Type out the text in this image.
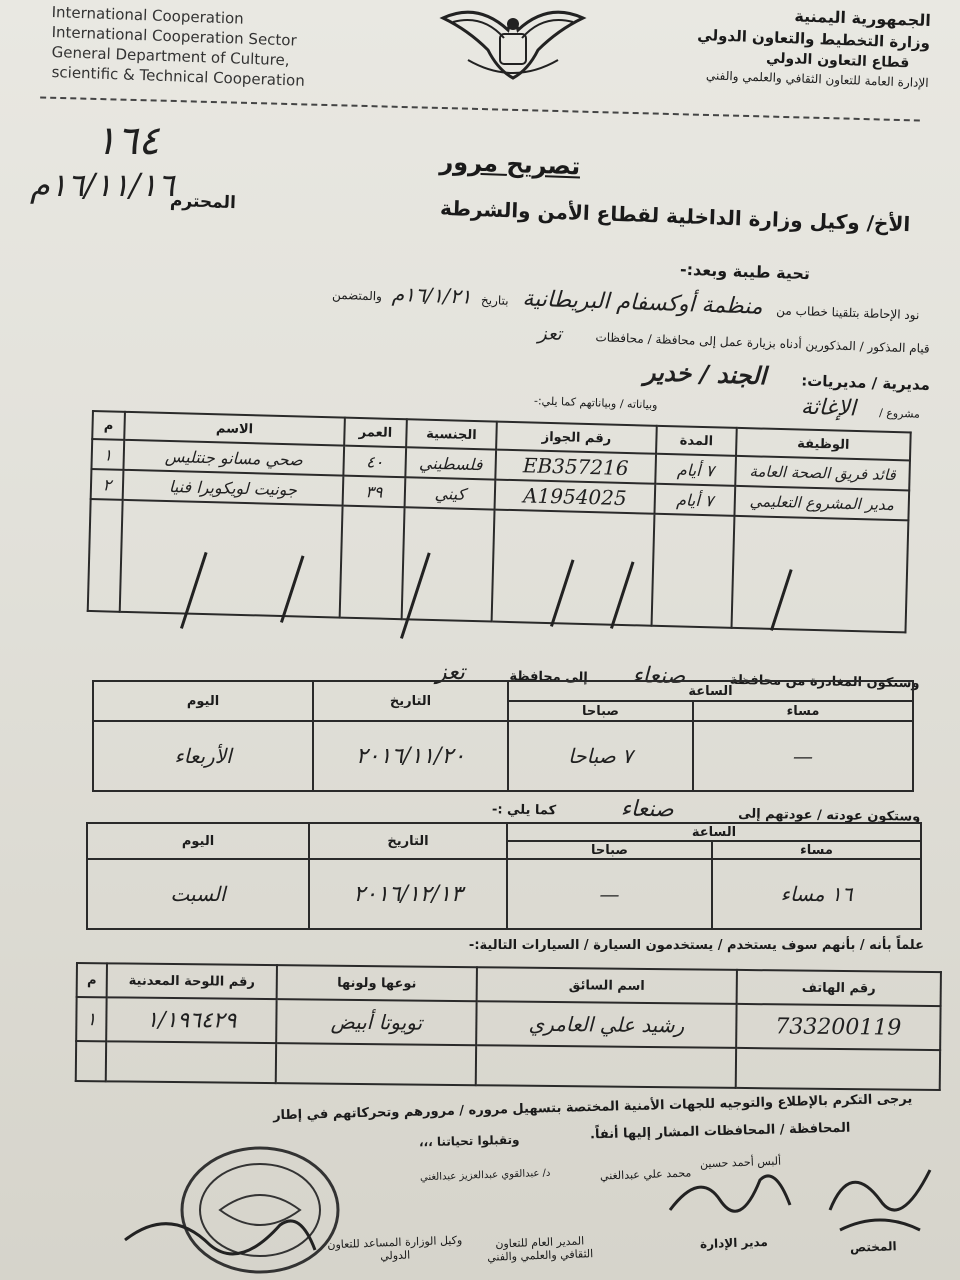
International Cooperation
International Cooperation Sector
General Department of Culture,
scientific & Technical Cooperation
الجمهورية اليمنية
وزارة التخطيط والتعاون الدولي
قطاع التعاون الدولي
الإدارة العامة للتعاون الثقافي والعلمي والفني
١٦٤
١٦/١١/١٦م
تصريح مرور
المحترم	الأخ/ وكيل وزارة الداخلية لقطاع الأمن والشرطة
تحية طيبة وبعد:-
نود الإحاطة بتلقينا خطاب من منظمة أوكسفام البريطانية بتاريخ ١٦/١/٢١م والمتضمن
قيام المذكور / المذكورين أدناه بزيارة عمل إلى محافظة / محافظات تعز
مديرية / مديريات: الجند / خدير
مشروع / الإغاثة وبياناته / وبياناتهم كما يلي:-
م	الاسم	العمر	الجنسية	رقم الجواز	المدة	الوظيفة
١	صحي مسانو جنتليس	٤٠	فلسطيني	EB357216	٧ أيام	قائد فريق الصحة العامة
٢	جونيت لويكويرا فنيا	٣٩	كيني	A1954025	٧ أيام	مدير المشروع التعليمي

وستكون المغادرة من محافظة صنعاء إلى محافظة تعز
اليوم	التاريخ	الساعة	
		صباحا	مساء
الأربعاء	٢٠١٦/١١/٢٠	٧ صباحا	—
وستكون عودته / عودتهم إلى صنعاء كما يلي :-
اليوم	التاريخ	الساعة	
		صباحا	مساء
السبت	٢٠١٦/١٢/١٣	—	١٦ مساء
علماً بأنه / بأنهم سوف يستخدم / يستخدمون السيارة / السيارات التالية:-
م	رقم اللوحة المعدنية	نوعها ولونها	اسم السائق	رقم الهاتف
١	١/١٩٦٤٢٩	تويوتا أبيض	رشيد علي العامري	733200119

يرجى التكرم بالإطلاع والتوجيه للجهات الأمنية المختصة بتسهيل مروره / مرورهم وتحركاتهم في إطار
المحافظة / المحافظات المشار إليها أنفاً.
وتقبلوا تحياتنا ،،،
ألبس أحمد حسين
مدير الإدارة
محمد علي عبدالغني
المدير العام للتعاون الثقافي والعلمي والفني
د/ عبدالقوي عبدالعزيز عبدالغني
وكيل الوزارة المساعد للتعاون الدولي
المختص
